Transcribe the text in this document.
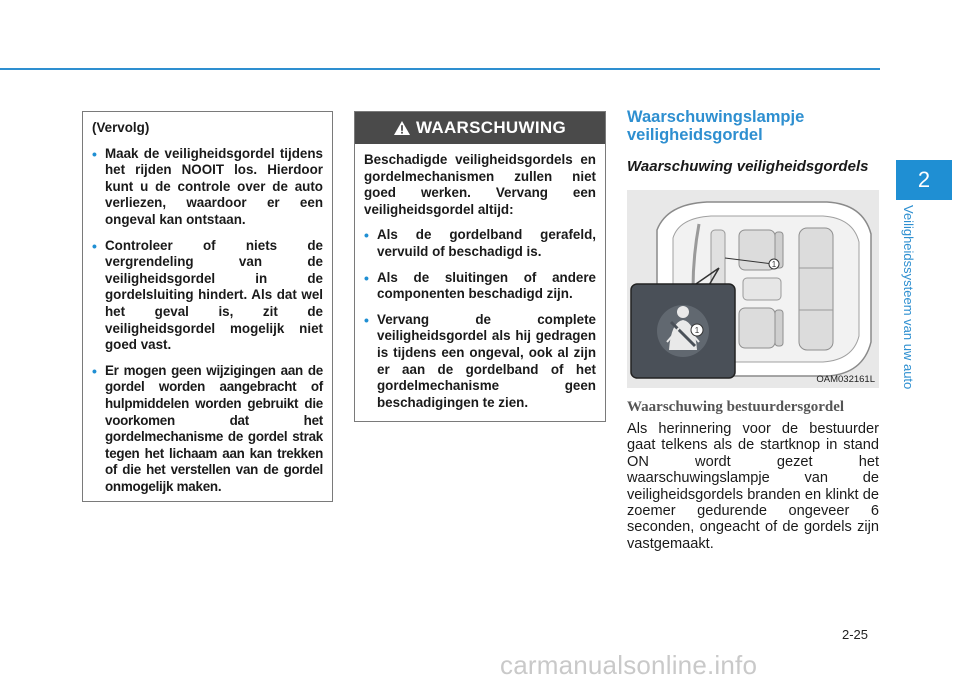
2
Veiligheidssysteem van uw auto

(Vervolg)

• Maak de veiligheidsgordel tijdens het rijden NOOIT los. Hierdoor kunt u de controle over de auto verliezen, waardoor er een ongeval kan ontstaan.
• Controleer of niets de vergrendeling van de veiligheidsgordel in de gordelsluiting hindert. Als dat wel het geval is, zit de veiligheidsgordel mogelijk niet goed vast.
• Er mogen geen wijzigingen aan de gordel worden aangebracht of hulpmiddelen worden gebruikt die voorkomen dat het gordelmechanisme de gordel strak tegen het lichaam aan kan trekken of die het verstellen van de gordel onmogelijk maken.
WAARSCHUWING

Beschadigde veiligheidsgordels en gordelmechanismen zullen niet goed werken. Vervang een veiligheidsgordel altijd:

• Als de gordelband gerafeld, vervuild of beschadigd is.
• Als de sluitingen of andere componenten beschadigd zijn.
• Vervang de complete veiligheidsgordel als hij gedragen is tijdens een ongeval, ook al zijn er aan de gordelband of het gordelmechanisme geen beschadigingen te zien.
Waarschuwingslampje veiligheidsgordel
Waarschuwing veiligheidsgordels
1
1
OAM032161L
Waarschuwing bestuurdersgordel
Als herinnering voor de bestuurder gaat telkens als de startknop in stand ON wordt gezet het waarschuwingslampje van de veiligheidsgordels branden en klinkt de zoemer gedurende ongeveer 6 seconden, ongeacht of de gordels zijn vastgemaakt.
2-25
carmanualsonline.info
